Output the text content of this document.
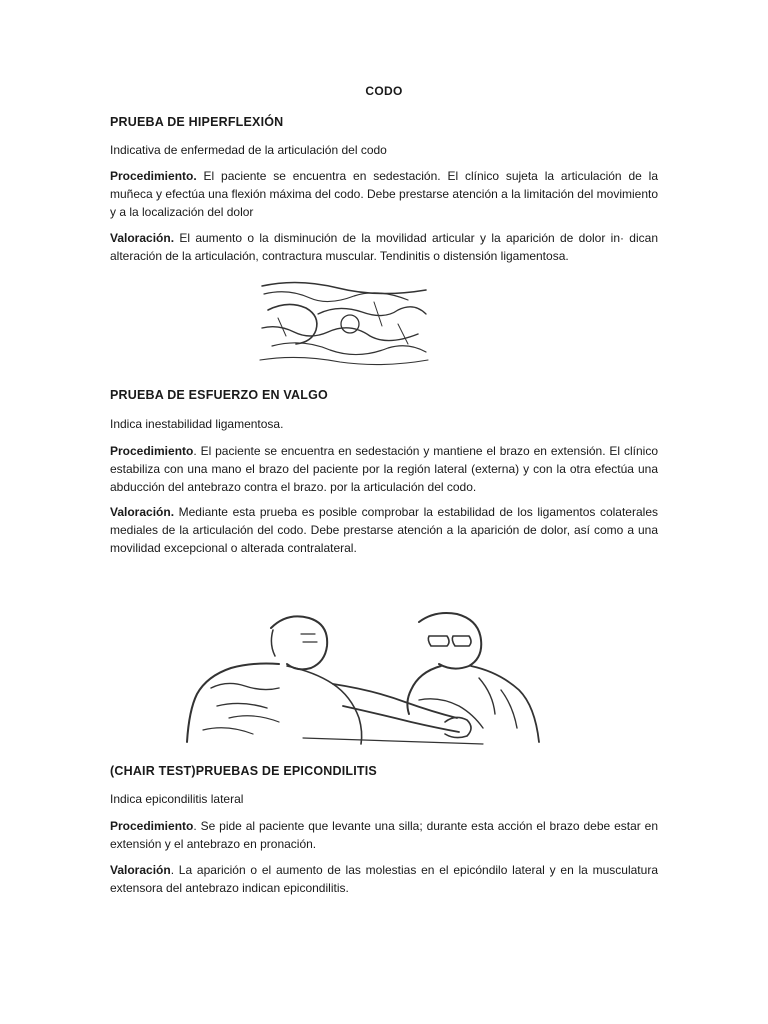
CODO
PRUEBA DE HIPERFLEXIÓN
Indicativa de enfermedad de la articulación del codo
Procedimiento. El paciente se encuentra en sedestación. El clínico sujeta la articulación de la muñeca y efectúa una flexión máxima del codo. Debe prestarse atención a la limitación del movimiento y a la localización del dolor
Valoración. El aumento o la disminución de la movilidad articular y la aparición de dolor in· dican alteración de la articulación, contractura muscular. Tendinitis o distensión ligamentosa.
PRUEBA DE ESFUERZO EN VALGO
Indica inestabilidad ligamentosa.
Procedimiento. El paciente se encuentra en sedestación y mantiene el brazo en extensión. El clínico estabiliza con una mano el brazo del paciente por la región lateral (externa) y con la otra efectúa una abducción del antebrazo contra el brazo. por la articulación del codo.
Valoración. Mediante esta prueba es posible comprobar la estabilidad de los ligamentos colaterales mediales de la articulación del codo. Debe prestarse atención a la aparición de dolor, así como a una movilidad excepcional o alterada contralateral.
(CHAIR TEST)PRUEBAS DE EPICONDILITIS
Indica epicondilitis lateral
Procedimiento. Se pide al paciente que levante una silla; durante esta acción el brazo debe estar en extensión y el antebrazo en pronación.
Valoración. La aparición o el aumento de las molestias en el epicóndilo lateral y en la musculatura extensora del antebrazo indican epicondilitis.
